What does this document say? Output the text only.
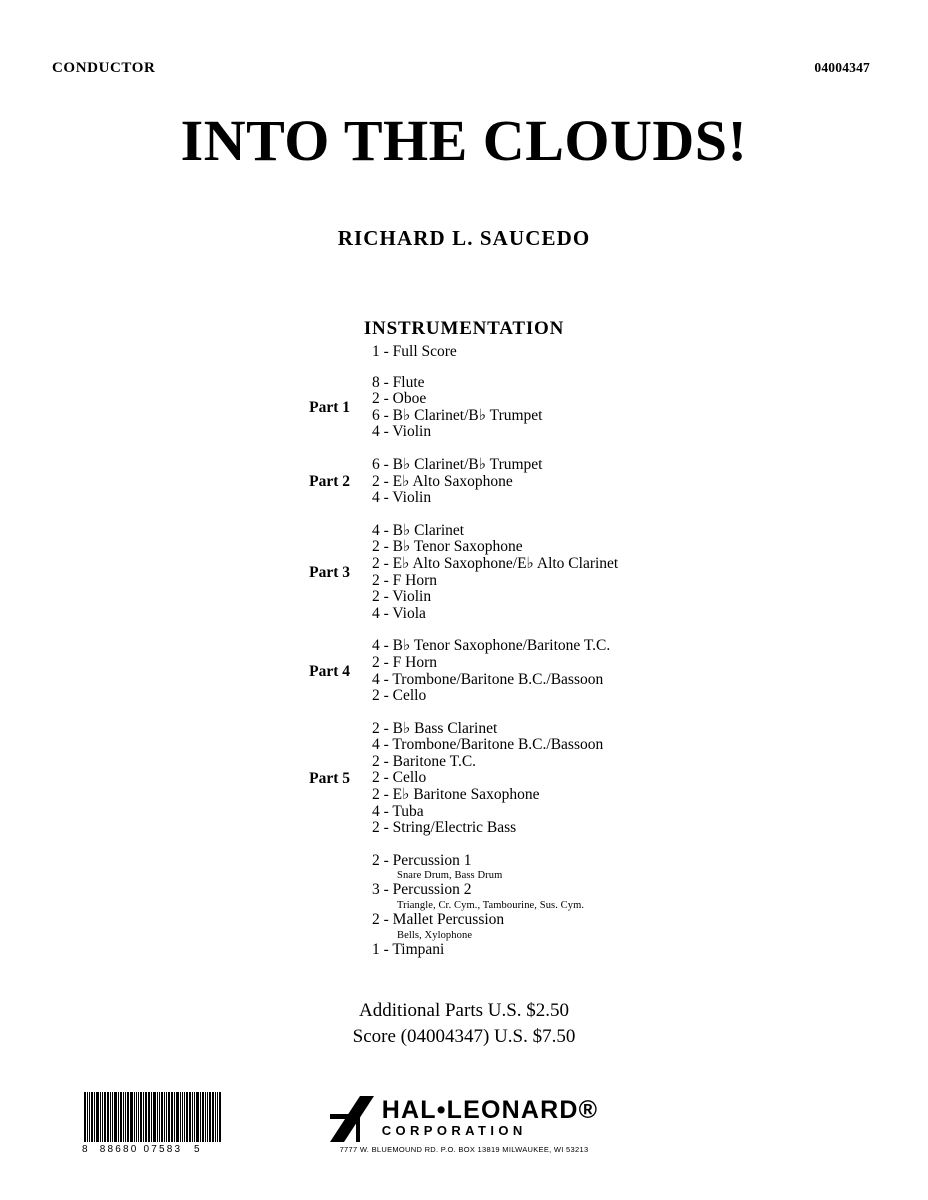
CONDUCTOR	04004347
INTO THE CLOUDS!
RICHARD L. SAUCEDO
INSTRUMENTATION
1 - Full Score
Part 1
8 - Flute
2 - Oboe
6 - B♭ Clarinet/B♭ Trumpet
4 - Violin
Part 2
6 - B♭ Clarinet/B♭ Trumpet
2 - E♭ Alto Saxophone
4 - Violin
Part 3
4 - B♭ Clarinet
2 - B♭ Tenor Saxophone
2 - E♭ Alto Saxophone/E♭ Alto Clarinet
2 - F Horn
2 - Violin
4 - Viola
Part 4
4 - B♭ Tenor Saxophone/Baritone T.C.
2 - F Horn
4 - Trombone/Baritone B.C./Bassoon
2 - Cello
Part 5
2 - B♭ Bass Clarinet
4 - Trombone/Baritone B.C./Bassoon
2 - Baritone T.C.
2 - Cello
2 - E♭ Baritone Saxophone
4 - Tuba
2 - String/Electric Bass
2 - Percussion 1
Snare Drum, Bass Drum
3 - Percussion 2
Triangle, Cr. Cym., Tambourine, Sus. Cym.
2 - Mallet Percussion
Bells, Xylophone
1 - Timpani
Additional Parts U.S. $2.50
Score (04004347) U.S. $7.50
8 88680 07583 5
HAL•LEONARD®
CORPORATION
7777 W. BLUEMOUND RD. P.O. BOX 13819 MILWAUKEE, WI 53213
